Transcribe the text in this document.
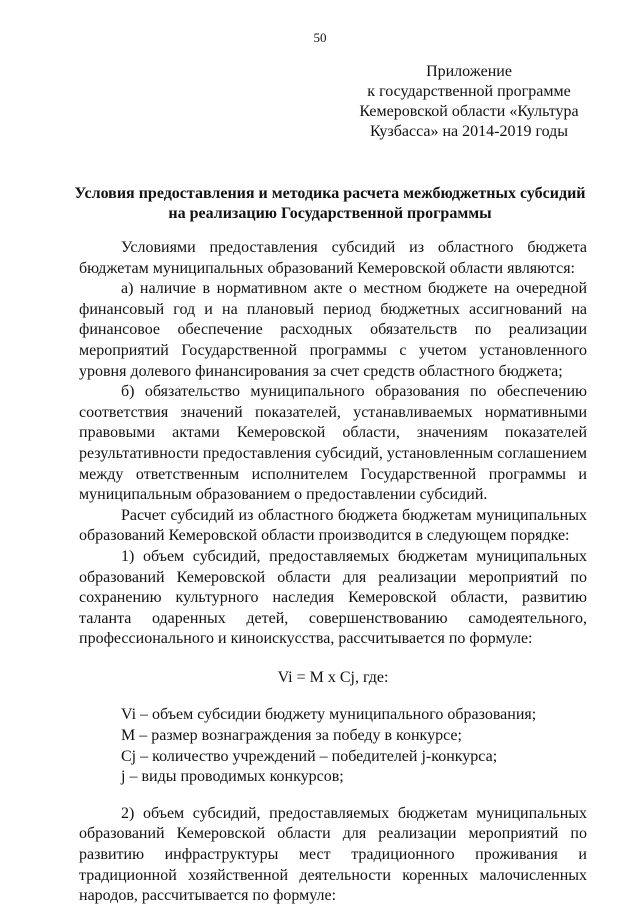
50
Приложение
к государственной программе
Кемеровской области «Культура
Кузбасса» на 2014-2019 годы
Условия предоставления и методика расчета межбюджетных субсидий
на реализацию Государственной программы

Условиями предоставления субсидий из областного бюджета бюджетам муниципальных образований Кемеровской области являются:

а) наличие в нормативном акте о местном бюджете на очередной финансовый год и на плановый период бюджетных ассигнований на финансовое обеспечение расходных обязательств по реализации мероприятий Государственной программы с учетом установленного уровня долевого финансирования за счет средств областного бюджета;

б) обязательство муниципального образования по обеспечению соответствия значений показателей, устанавливаемых нормативными правовыми актами Кемеровской области, значениям показателей результативности предоставления субсидий, установленным соглашением между ответственным исполнителем Государственной программы и муниципальным образованием о предоставлении субсидий.

Расчет субсидий из областного бюджета бюджетам муниципальных образований Кемеровской области производится в следующем порядке:

1) объем субсидий, предоставляемых бюджетам муниципальных образований Кемеровской области для реализации мероприятий по сохранению культурного наследия Кемеровской области, развитию таланта одаренных детей, совершенствованию самодеятельного, профессионального и киноискусства, рассчитывается по формуле:

Vi = M x Cj, где:

Vi – объем субсидии бюджету муниципального образования;
M – размер вознаграждения за победу в конкурсе;
Cj – количество учреждений – победителей j-конкурса;
j – виды проводимых конкурсов;

2) объем субсидий, предоставляемых бюджетам муниципальных образований Кемеровской области для реализации мероприятий по развитию инфраструктуры мест традиционного проживания и традиционной хозяйственной деятельности коренных малочисленных народов, рассчитывается по формуле:
